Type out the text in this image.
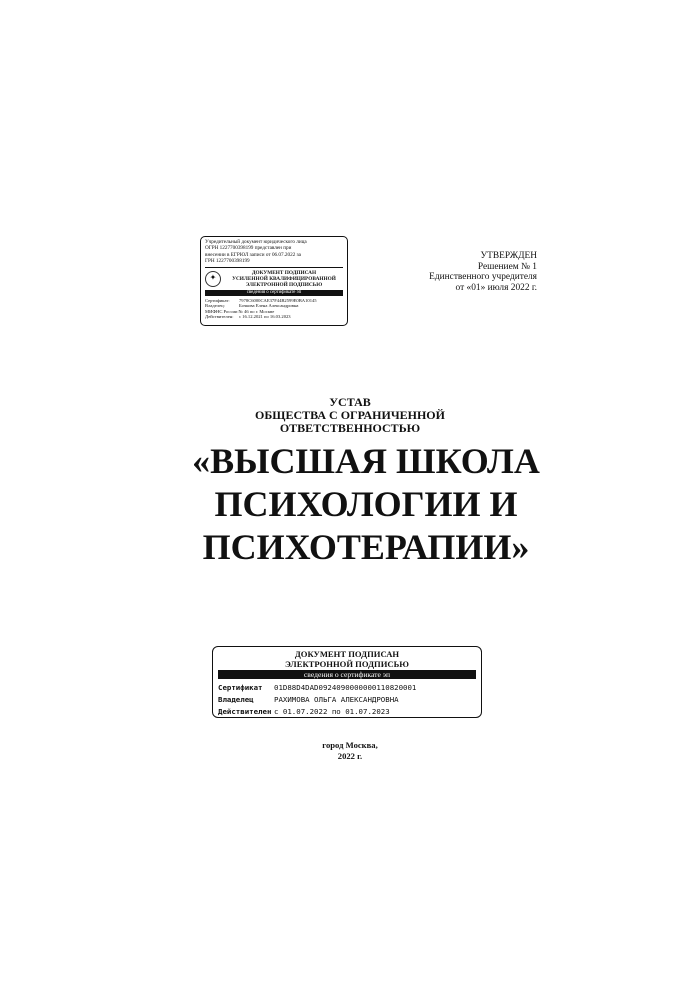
Учредительный документ юридического лица
ОГРН 1227700398199 представлен при
внесении в ЕГРЮЛ записи от 06.07.2022 за
ГРН 1227700398199
✦
ДОКУМЕНТ ПОДПИСАН
УСИЛЕННОЙ КВАЛИФИЦИРОВАННОЙ
ЭЛЕКТРОННОЙ ПОДПИСЬЮ
сведения о сертификате эп
Сертификат:	7978C6000CAE37F44B2599E0BA10145
Владелец:	Бочкова Елена Александровна
МИФНС России № 46 по г. Москве
Действителен:	с 16.12.2021 по 16.03.2023
УТВЕРЖДЕН
Решением № 1
Единственного учредителя
от «01» июля 2022 г.
УСТАВ
ОБЩЕСТВА С ОГРАНИЧЕННОЙ
ОТВЕТСТВЕННОСТЬЮ
«ВЫСШАЯ ШКОЛА ПСИХОЛОГИИ И ПСИХОТЕРАПИИ»
ДОКУМЕНТ ПОДПИСАН
ЭЛЕКТРОННОЙ ПОДПИСЬЮ
сведения о сертификате эп
Сертификат	01D88D4DAD0924090000000110820001
Владелец	РАХИМОВА ОЛЬГА АЛЕКСАНДРОВНА
Действителен с 01.07.2022 по 01.07.2023
город Москва,
2022 г.
